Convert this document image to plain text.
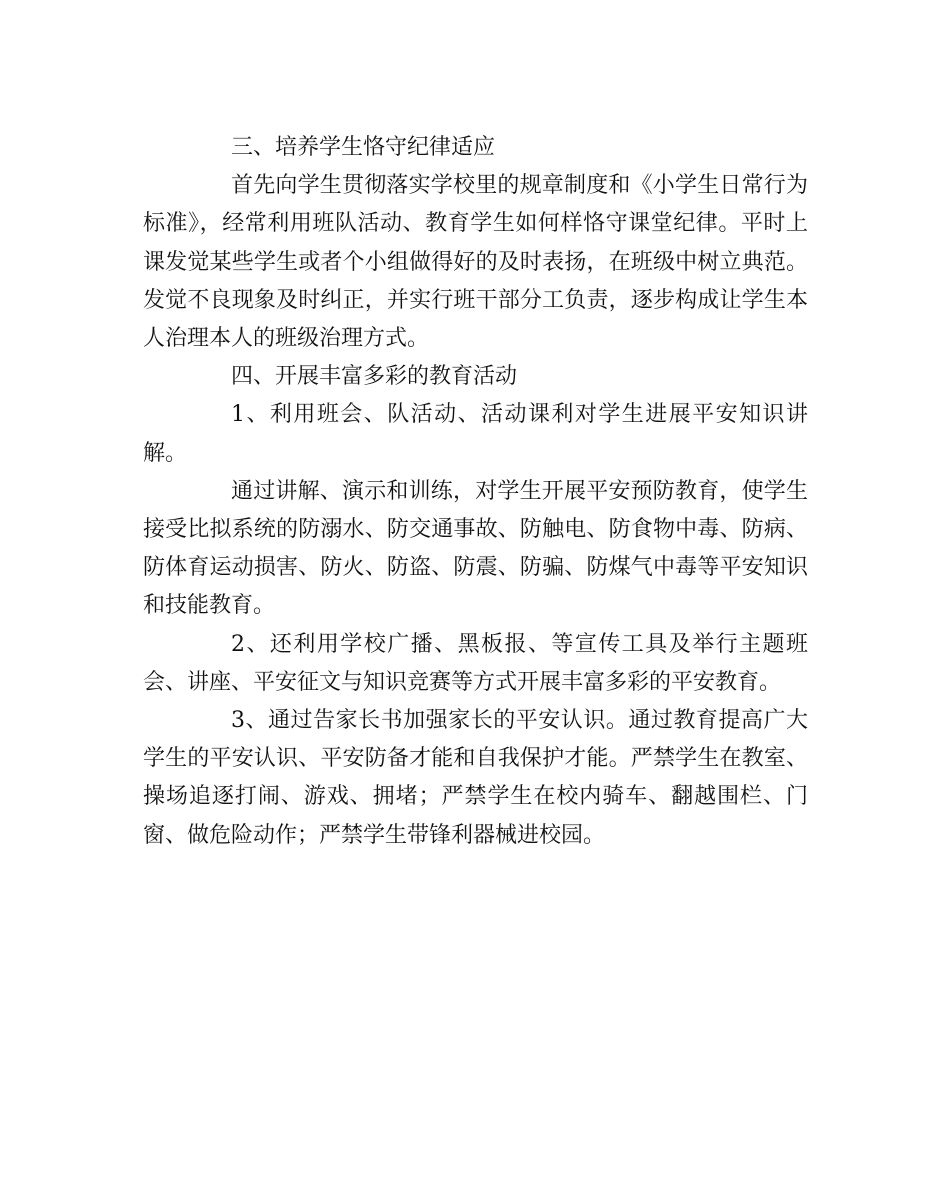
三、培养学生恪守纪律适应

首先向学生贯彻落实学校里的规章制度和《小学生日常行为标准》，经常利用班队活动、教育学生如何样恪守课堂纪律。平时上课发觉某些学生或者个小组做得好的及时表扬，在班级中树立典范。发觉不良现象及时纠正，并实行班干部分工负责，逐步构成让学生本人治理本人的班级治理方式。

四、开展丰富多彩的教育活动

1、利用班会、队活动、活动课利对学生进展平安知识讲解。

通过讲解、演示和训练，对学生开展平安预防教育，使学生接受比拟系统的防溺水、防交通事故、防触电、防食物中毒、防病、防体育运动损害、防火、防盗、防震、防骗、防煤气中毒等平安知识和技能教育。

2、还利用学校广播、黑板报、等宣传工具及举行主题班会、讲座、平安征文与知识竞赛等方式开展丰富多彩的平安教育。

3、通过告家长书加强家长的平安认识。通过教育提高广大学生的平安认识、平安防备才能和自我保护才能。严禁学生在教室、操场追逐打闹、游戏、拥堵；严禁学生在校内骑车、翻越围栏、门窗、做危险动作；严禁学生带锋利器械进校园。
